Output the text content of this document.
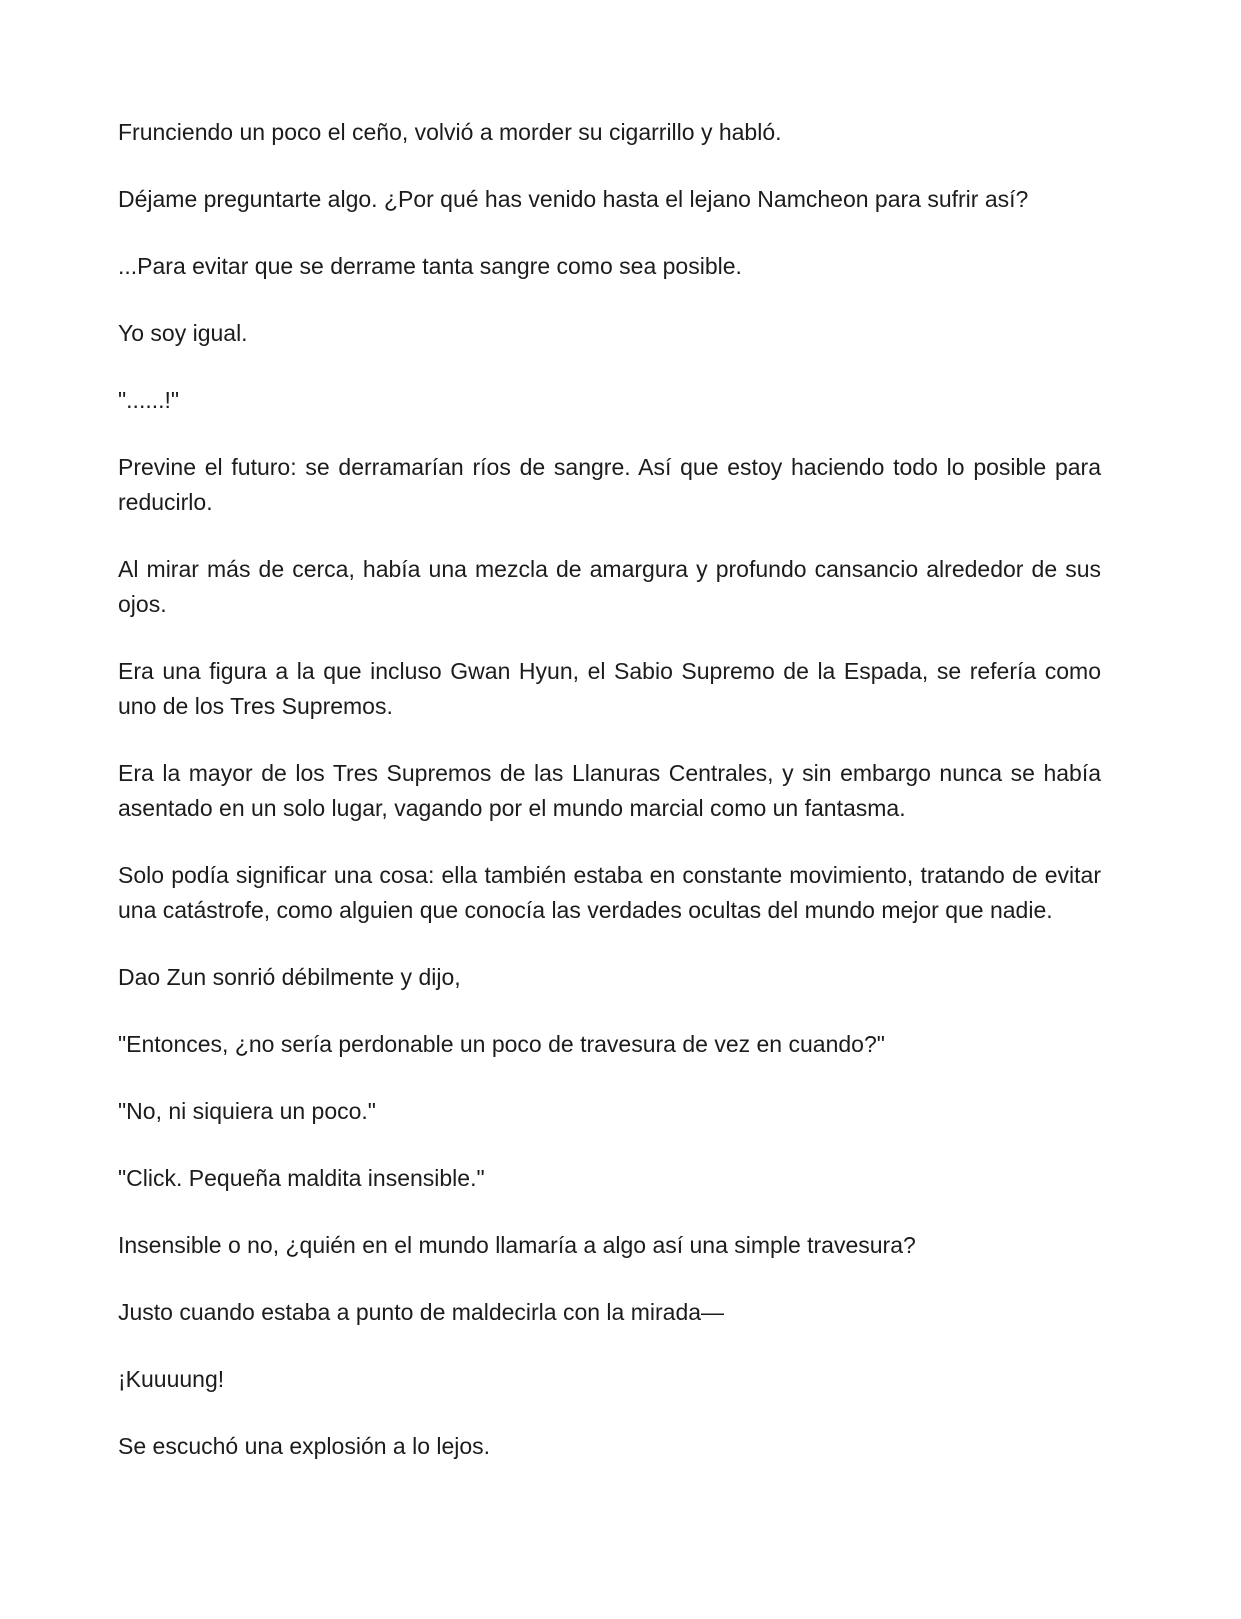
Frunciendo un poco el ceño, volvió a morder su cigarrillo y habló.

Déjame preguntarte algo. ¿Por qué has venido hasta el lejano Namcheon para sufrir así?

...Para evitar que se derrame tanta sangre como sea posible.

Yo soy igual.

"......!"

Previne el futuro: se derramarían ríos de sangre. Así que estoy haciendo todo lo posible para reducirlo.

Al mirar más de cerca, había una mezcla de amargura y profundo cansancio alrededor de sus ojos.

Era una figura a la que incluso Gwan Hyun, el Sabio Supremo de la Espada, se refería como uno de los Tres Supremos.

Era la mayor de los Tres Supremos de las Llanuras Centrales, y sin embargo nunca se había asentado en un solo lugar, vagando por el mundo marcial como un fantasma.

Solo podía significar una cosa: ella también estaba en constante movimiento, tratando de evitar una catástrofe, como alguien que conocía las verdades ocultas del mundo mejor que nadie.

Dao Zun sonrió débilmente y dijo,

"Entonces, ¿no sería perdonable un poco de travesura de vez en cuando?"

"No, ni siquiera un poco."

"Click. Pequeña maldita insensible."

Insensible o no, ¿quién en el mundo llamaría a algo así una simple travesura?

Justo cuando estaba a punto de maldecirla con la mirada—

¡Kuuuung!

Se escuchó una explosión a lo lejos.
